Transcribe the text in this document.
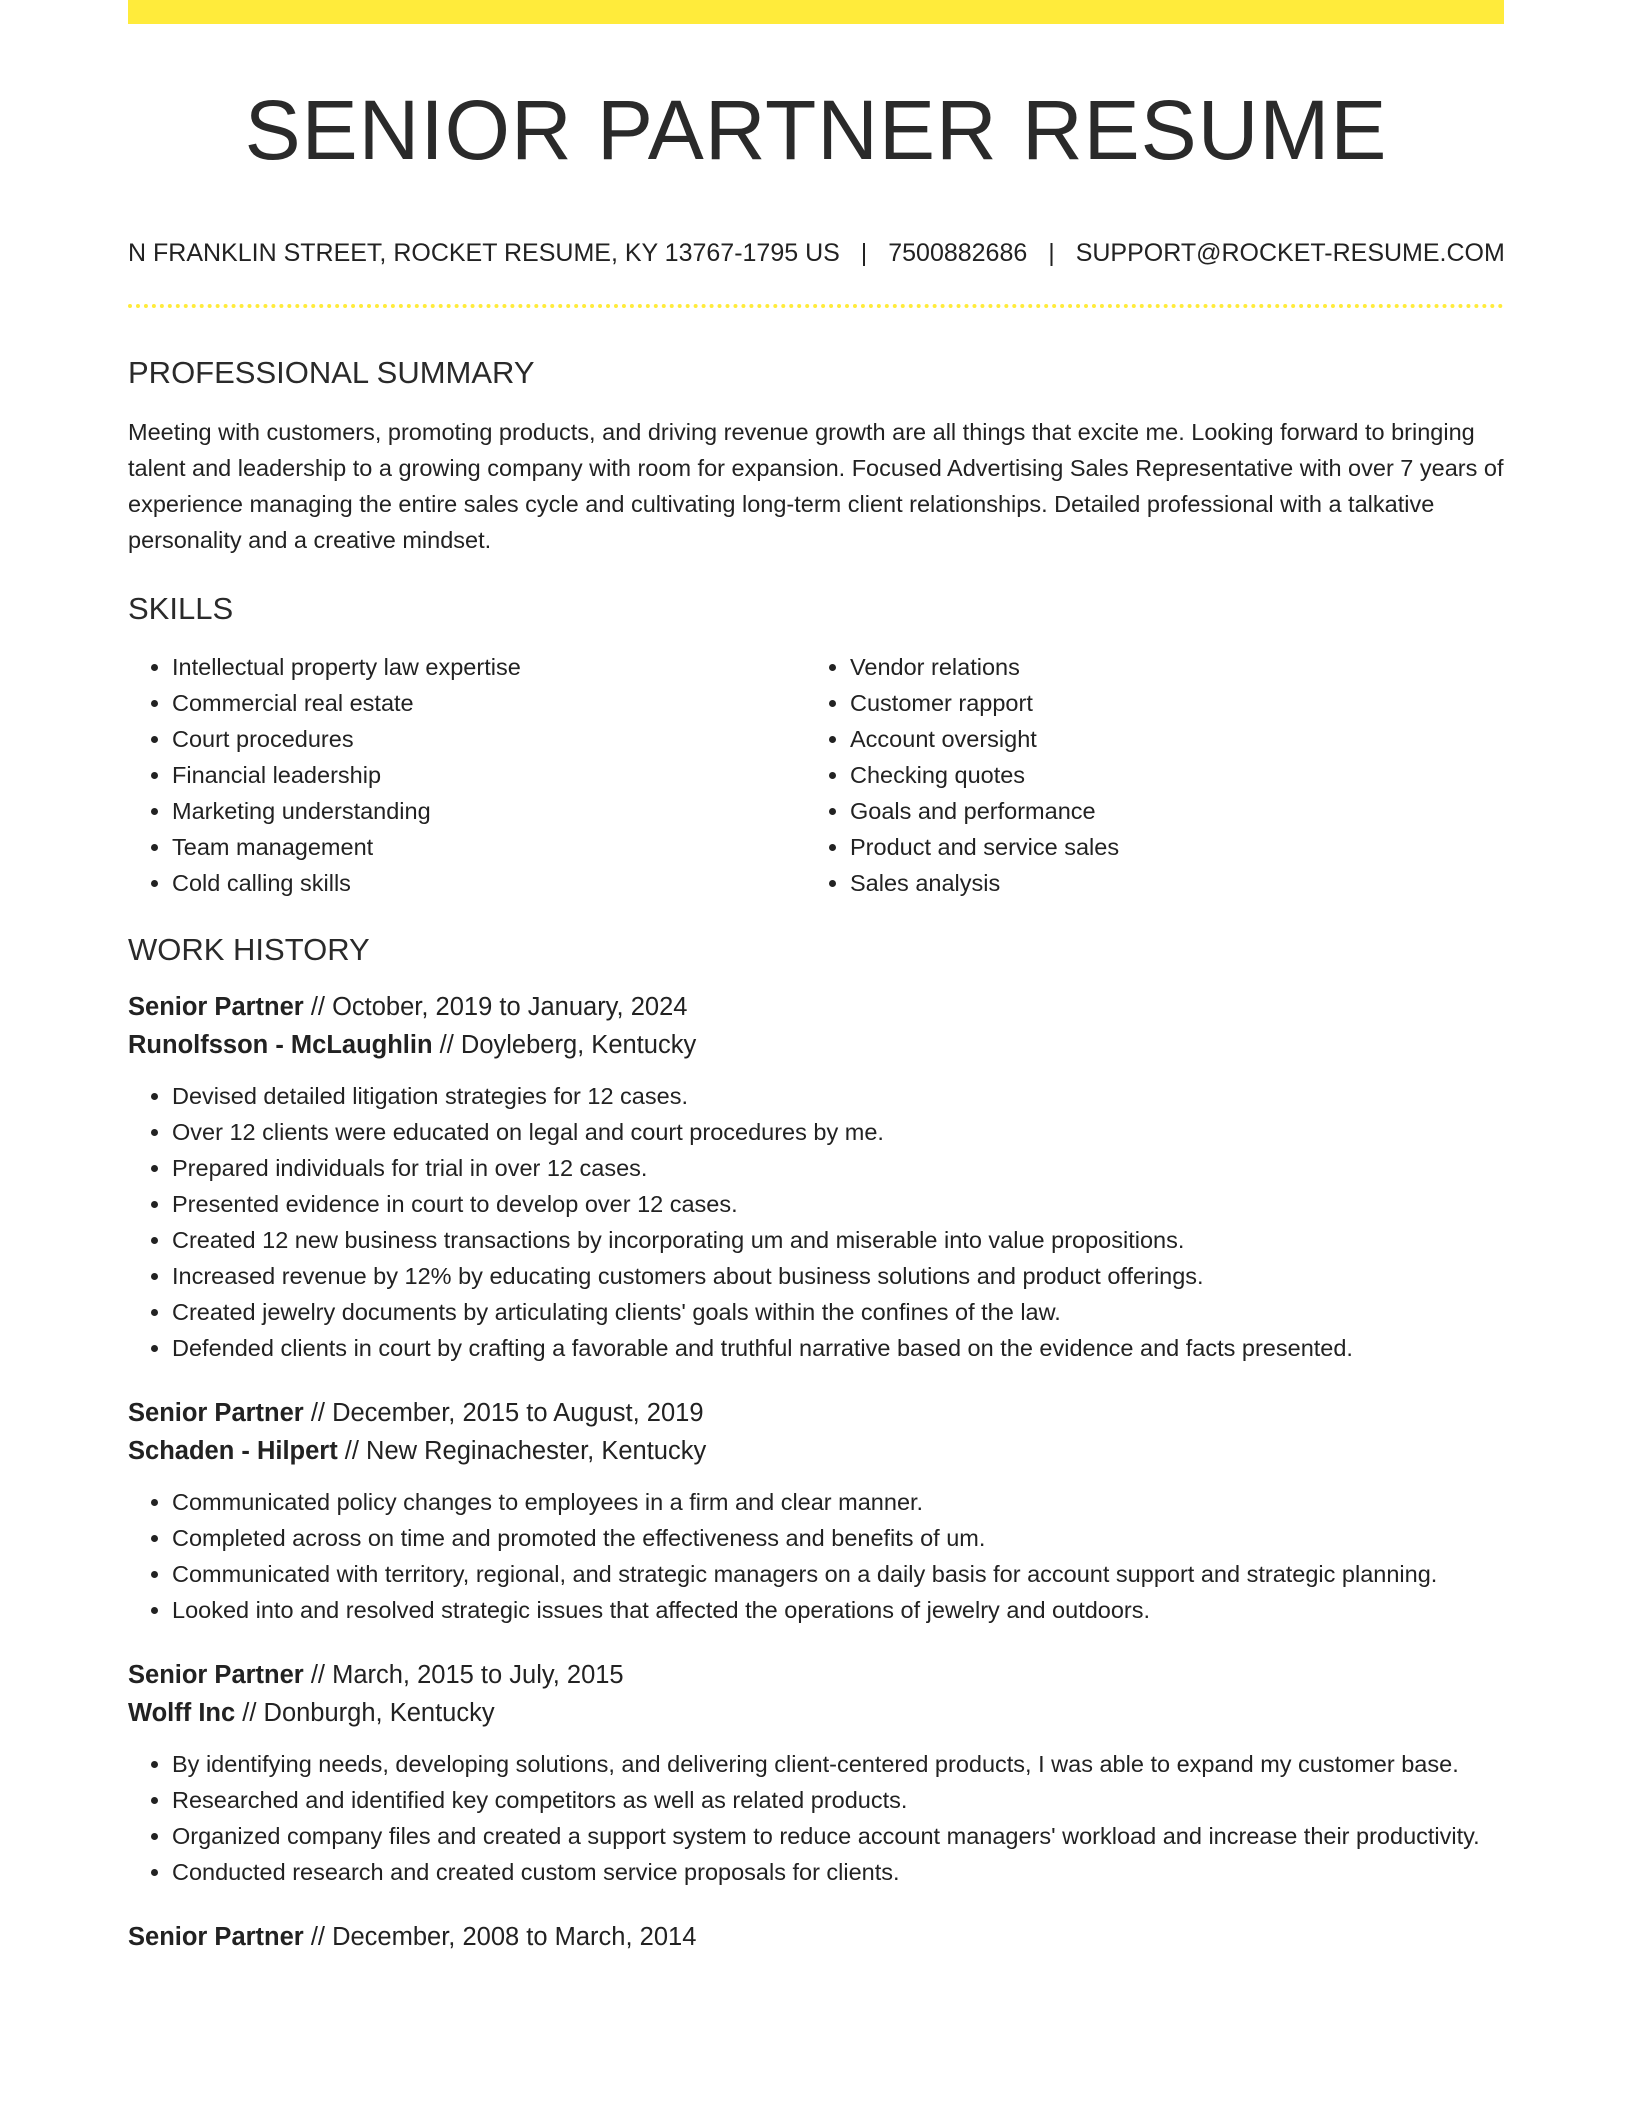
SENIOR PARTNER RESUME
N FRANKLIN STREET, ROCKET RESUME, KY 13767-1795 US | 7500882686 | SUPPORT@ROCKET-RESUME.COM
PROFESSIONAL SUMMARY

Meeting with customers, promoting products, and driving revenue growth are all things that excite me. Looking forward to bringing talent and leadership to a growing company with room for expansion. Focused Advertising Sales Representative with over 7 years of experience managing the entire sales cycle and cultivating long-term client relationships. Detailed professional with a talkative personality and a creative mindset.

SKILLS
• Intellectual property law expertise
• Commercial real estate
• Court procedures
• Financial leadership
• Marketing understanding
• Team management
• Cold calling skills
• Vendor relations
• Customer rapport
• Account oversight
• Checking quotes
• Goals and performance
• Product and service sales
• Sales analysis
WORK HISTORY
Senior Partner // October, 2019 to January, 2024
Runolfsson - McLaughlin // Doyleberg, Kentucky
• Devised detailed litigation strategies for 12 cases.
• Over 12 clients were educated on legal and court procedures by me.
• Prepared individuals for trial in over 12 cases.
• Presented evidence in court to develop over 12 cases.
• Created 12 new business transactions by incorporating um and miserable into value propositions.
• Increased revenue by 12% by educating customers about business solutions and product offerings.
• Created jewelry documents by articulating clients' goals within the confines of the law.
• Defended clients in court by crafting a favorable and truthful narrative based on the evidence and facts presented.
Senior Partner // December, 2015 to August, 2019
Schaden - Hilpert // New Reginachester, Kentucky
• Communicated policy changes to employees in a firm and clear manner.
• Completed across on time and promoted the effectiveness and benefits of um.
• Communicated with territory, regional, and strategic managers on a daily basis for account support and strategic planning.
• Looked into and resolved strategic issues that affected the operations of jewelry and outdoors.
Senior Partner // March, 2015 to July, 2015
Wolff Inc // Donburgh, Kentucky
• By identifying needs, developing solutions, and delivering client-centered products, I was able to expand my customer base.
• Researched and identified key competitors as well as related products.
• Organized company files and created a support system to reduce account managers' workload and increase their productivity.
• Conducted research and created custom service proposals for clients.
Senior Partner // December, 2008 to March, 2014
